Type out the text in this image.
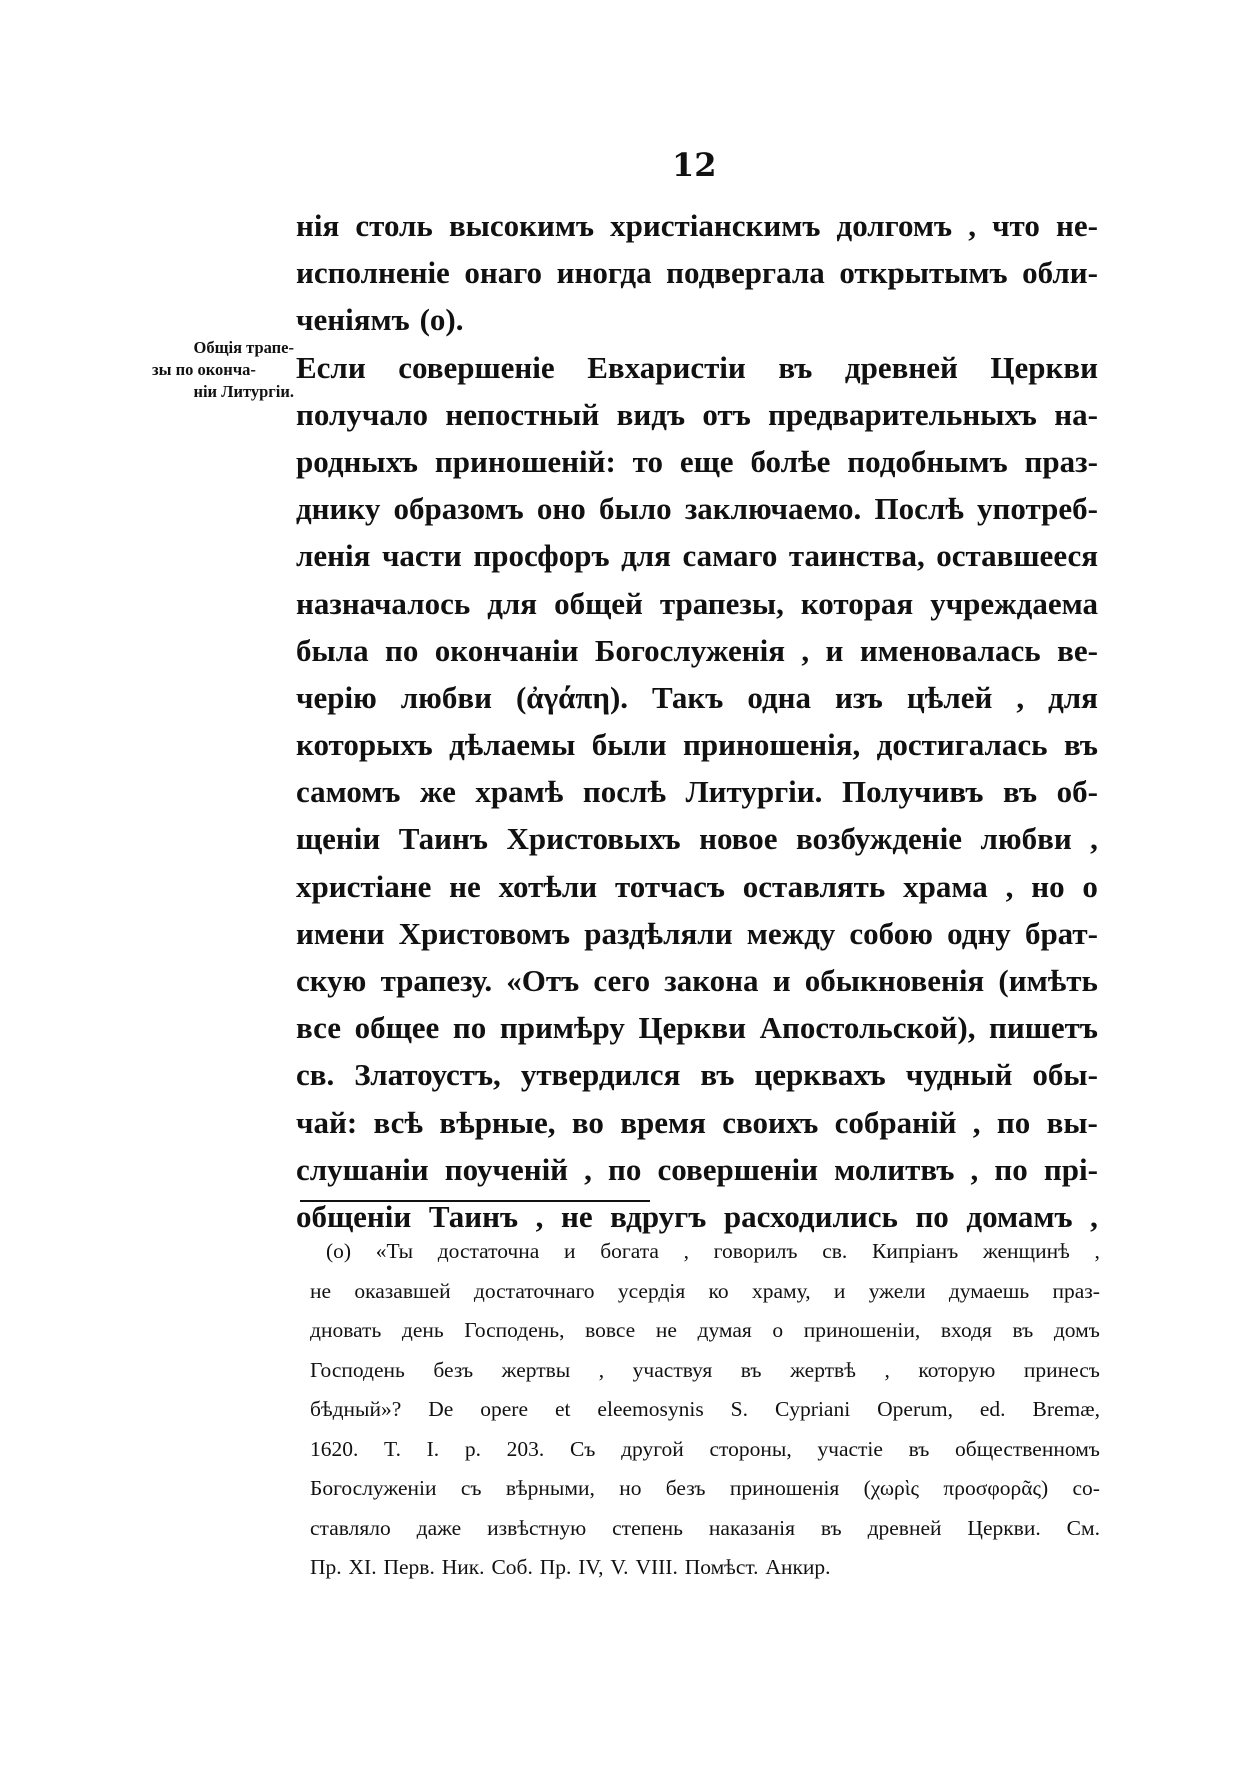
12
Общія трапе-
зы по оконча-
ніи Литургіи.
нія столь высокимъ христіанскимъ долгомъ , что не-
исполненіе онаго иногда подвергала открытымъ обли-
ченіямъ (о).
Если совершеніе Евхаристіи въ древней Церкви
получало непостный видъ отъ предварительныхъ на-
родныхъ приношеній: то еще болѣе подобнымъ праз-
днику образомъ оно было заключаемо. Послѣ употреб-
ленія части просфоръ для самаго таинства, оставшееся
назначалось для общей трапезы, которая учреждаема
была по окончаніи Богослуженія , и именовалась ве-
черію любви (ἀγάπη). Такъ одна изъ цѣлей , для
которыхъ дѣлаемы были приношенія, достигалась въ
самомъ же храмѣ послѣ Литургіи. Получивъ въ об-
щеніи Таинъ Христовыхъ новое возбужденіе любви ,
христіане не хотѣли тотчасъ оставлять храма , но о
имени Христовомъ раздѣляли между собою одну брат-
скую трапезу. «Отъ сего закона и обыкновенія (имѣть
все общее по примѣру Церкви Апостольской), пишетъ
св. Златоустъ, утвердился въ церквахъ чудный обы-
чай: всѣ вѣрные, во время своихъ собраній , по вы-
слушаніи поученій , по совершеніи молитвъ , по прі-
общеніи Таинъ , не вдругъ расходились по домамъ ,
(о) «Ты достаточна и богата , говорилъ св. Кипріанъ женщинѣ ,
не оказавшей достаточнаго усердія ко храму, и ужели думаешь праз-
дновать день Господень, вовсе не думая о приношеніи, входя въ домъ
Господень безъ жертвы , участвуя въ жертвѣ , которую принесъ
бѣдный»? De opere et eleemosynis S. Cypriani Operum, ed. Bremæ,
1620. T. I. p. 203. Съ другой стороны, участіе въ общественномъ
Богослуженіи съ вѣрными, но безъ приношенія (χωρὶς προσφορᾶς) со-
ставляло даже извѣстную степень наказанія въ древней Церкви. См.
Пр. XI. Перв. Ник. Соб. Пр. IV, V. VIII. Помѣст. Анкир.
